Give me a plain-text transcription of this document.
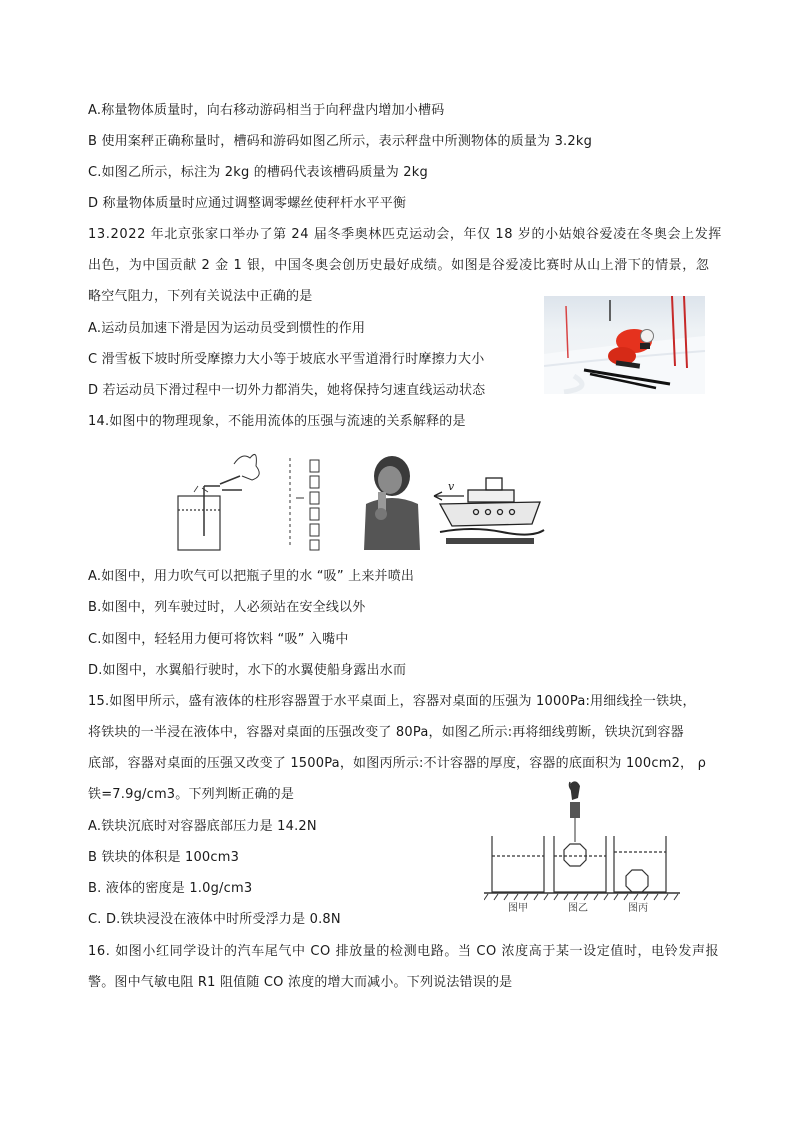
A.称量物体质量时，向右移动游码相当于向秤盘内增加小槽码
B 使用案秤正确称量时，槽码和游码如图乙所示，表示秤盘中所测物体的质量为 3.2kg
C.如图乙所示，标注为 2kg 的槽码代表该槽码质量为 2kg
D 称量物体质量时应通过调整调零螺丝使秤杆水平平衡
13.2022 年北京张家口举办了第 24 届冬季奥林匹克运动会，年仅 18 岁的小姑娘谷爱凌在冬奥会上发挥
出色，为中国贡献 2 金 1 银，中国冬奥会创历史最好成绩。如图是谷爱凌比赛时从山上滑下的情景，忽
略空气阻力，下列有关说法中正确的是
A.运动员加速下滑是因为运动员受到惯性的作用
C 滑雪板下坡时所受摩擦力大小等于坡底水平雪道滑行时摩擦力大小
D 若运动员下滑过程中一切外力都消失，她将保持匀速直线运动状态
14.如图中的物理现象，不能用流体的压强与流速的关系解释的是
v
A.如图中，用力吹气可以把瓶子里的水 “吸” 上来并喷出
B.如图中，列车驶过时，人必须站在安全线以外
C.如图中，轻轻用力便可将饮料 “吸” 入嘴中
D.如图中，水翼船行驶时，水下的水翼使船身露出水而
15.如图甲所示，盛有液体的柱形容器置于水平桌面上，容器对桌面的压强为 1000Pa:用细线拴一铁块，
将铁块的一半浸在液体中，容器对桌面的压强改变了 80Pa，如图乙所示:再将细线剪断，铁块沉到容器
底部，容器对桌面的压强又改变了 1500Pa，如图丙所示:不计容器的厚度，容器的底面积为 100cm2， ρ
铁=7.9g/cm3。下列判断正确的是
A.铁块沉底时对容器底部压力是 14.2N
B 铁块的体积是 100cm3
B. 液体的密度是 1.0g/cm3
C. D.铁块浸没在液体中时所受浮力是 0.8N
图甲	图乙	图丙
16. 如图小红同学设计的汽车尾气中 CO 排放量的检测电路。当 CO 浓度高于某一设定值时，电铃发声报
警。图中气敏电阻 R1 阻值随 CO 浓度的增大而减小。下列说法错误的是
